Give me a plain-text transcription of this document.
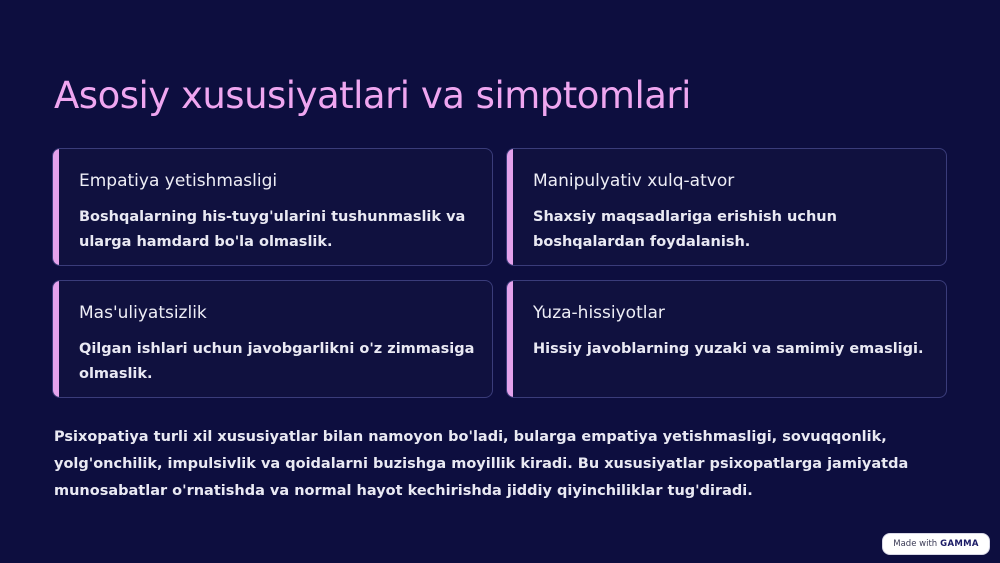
Asosiy xususiyatlari va simptomlari
Empatiya yetishmasligi

Boshqalarning his-tuyg'ularini tushunmaslik va ularga hamdard bo'la olmaslik.

Manipulyativ xulq-atvor

Shaxsiy maqsadlariga erishish uchun boshqalardan foydalanish.

Mas'uliyatsizlik

Qilgan ishlari uchun javobgarlikni o'z zimmasiga olmaslik.

Yuza-hissiyotlar

Hissiy javoblarning yuzaki va samimiy emasligi.

Psixopatiya turli xil xususiyatlar bilan namoyon bo'ladi, bularga empatiya yetishmasligi, sovuqqonlik, yolg'onchilik, impulsivlik va qoidalarni buzishga moyillik kiradi. Bu xususiyatlar psixopatlarga jamiyatda munosabatlar o'rnatishda va normal hayot kechirishda jiddiy qiyinchiliklar tug'diradi.

Made with GAMMA
